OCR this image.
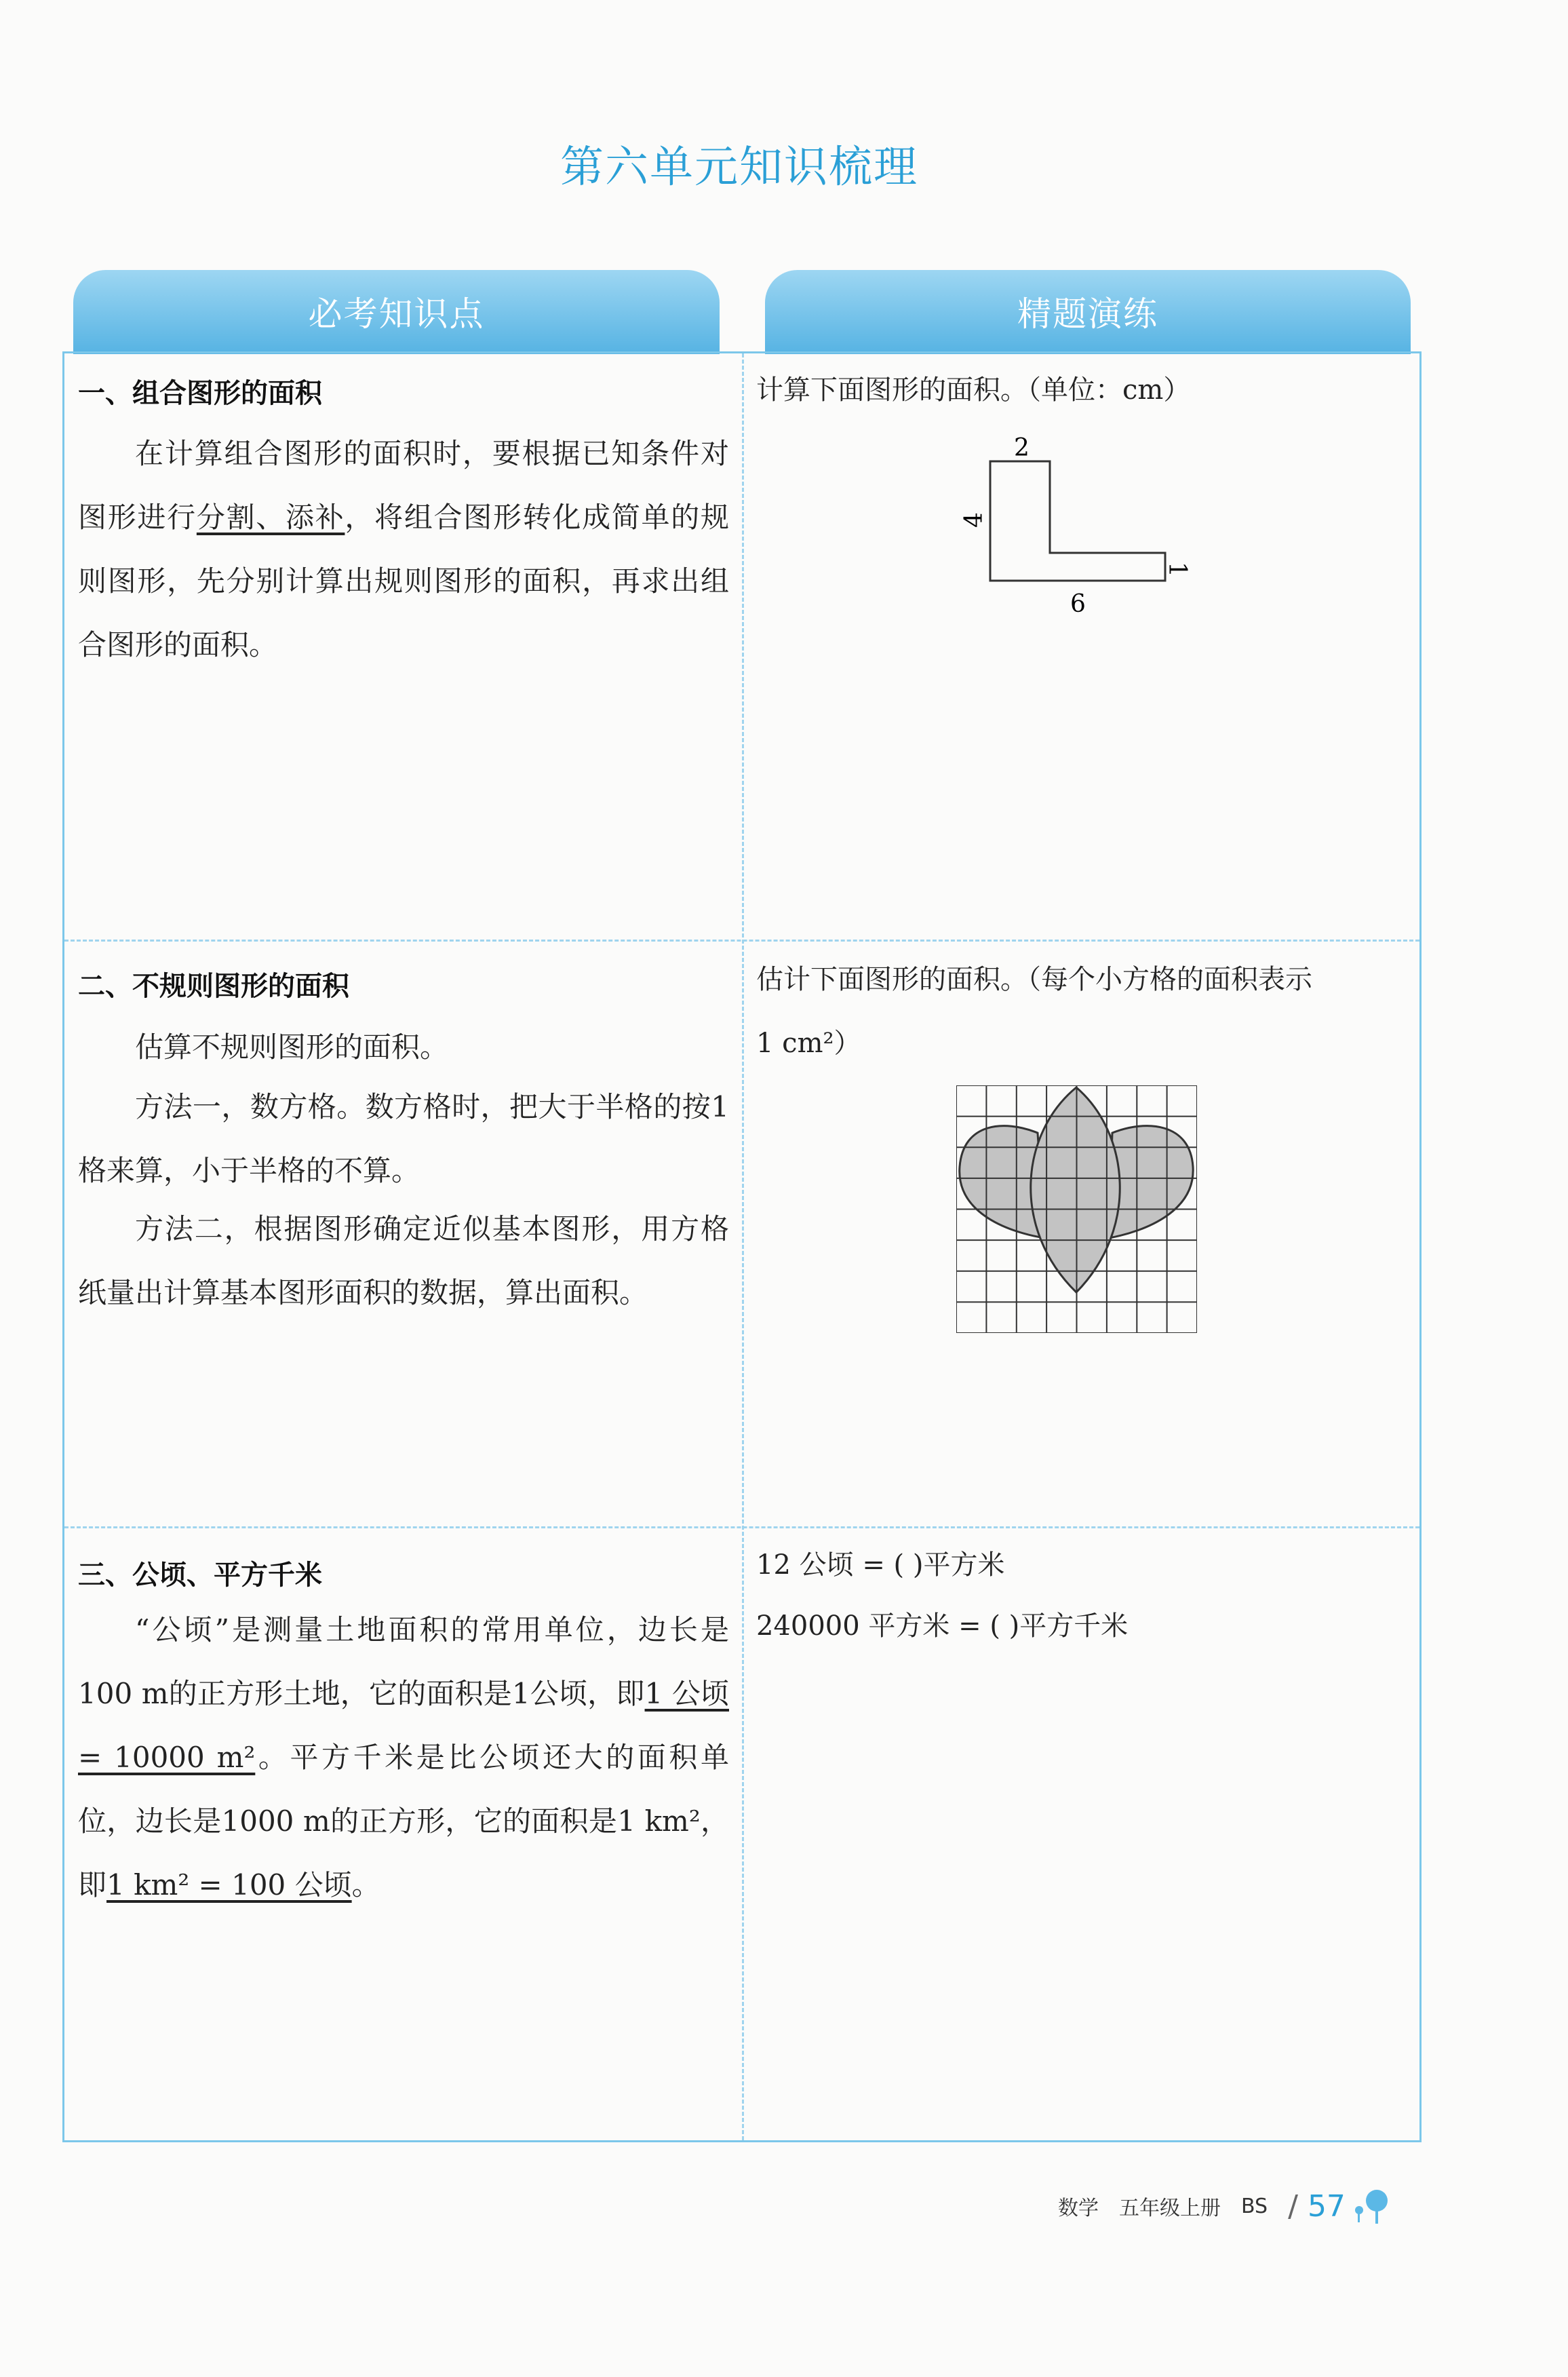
第六单元知识梳理
必考知识点	精题演练
一、组合图形的面积

在计算组合图形的面积时，要根据已知条件对图形进行分割、添补，将组合图形转化成简单的规则图形，先分别计算出规则图形的面积，再求出组合图形的面积。

二、不规则图形的面积

估算不规则图形的面积。

方法一，数方格。数方格时，把大于半格的按1格来算，小于半格的不算。

方法二，根据图形确定近似基本图形，用方格纸量出计算基本图形面积的数据，算出面积。

三、公顷、平方千米

“公顷”是测量土地面积的常用单位，边长是100 m的正方形土地，它的面积是1公顷，即1 公顷 = 10000 m²。平方千米是比公顷还大的面积单位，边长是1000 m的正方形，它的面积是1 km²，即1 km² = 100 公顷。

计算下面图形的面积。（单位：cm）
2
4
1
6

估计下面图形的面积。（每个小方格的面积表示
1 cm²）

12 公顷 = ( )平方米
240000 平方米 = ( )平方千米
数学 五年级上册 BS / 57
